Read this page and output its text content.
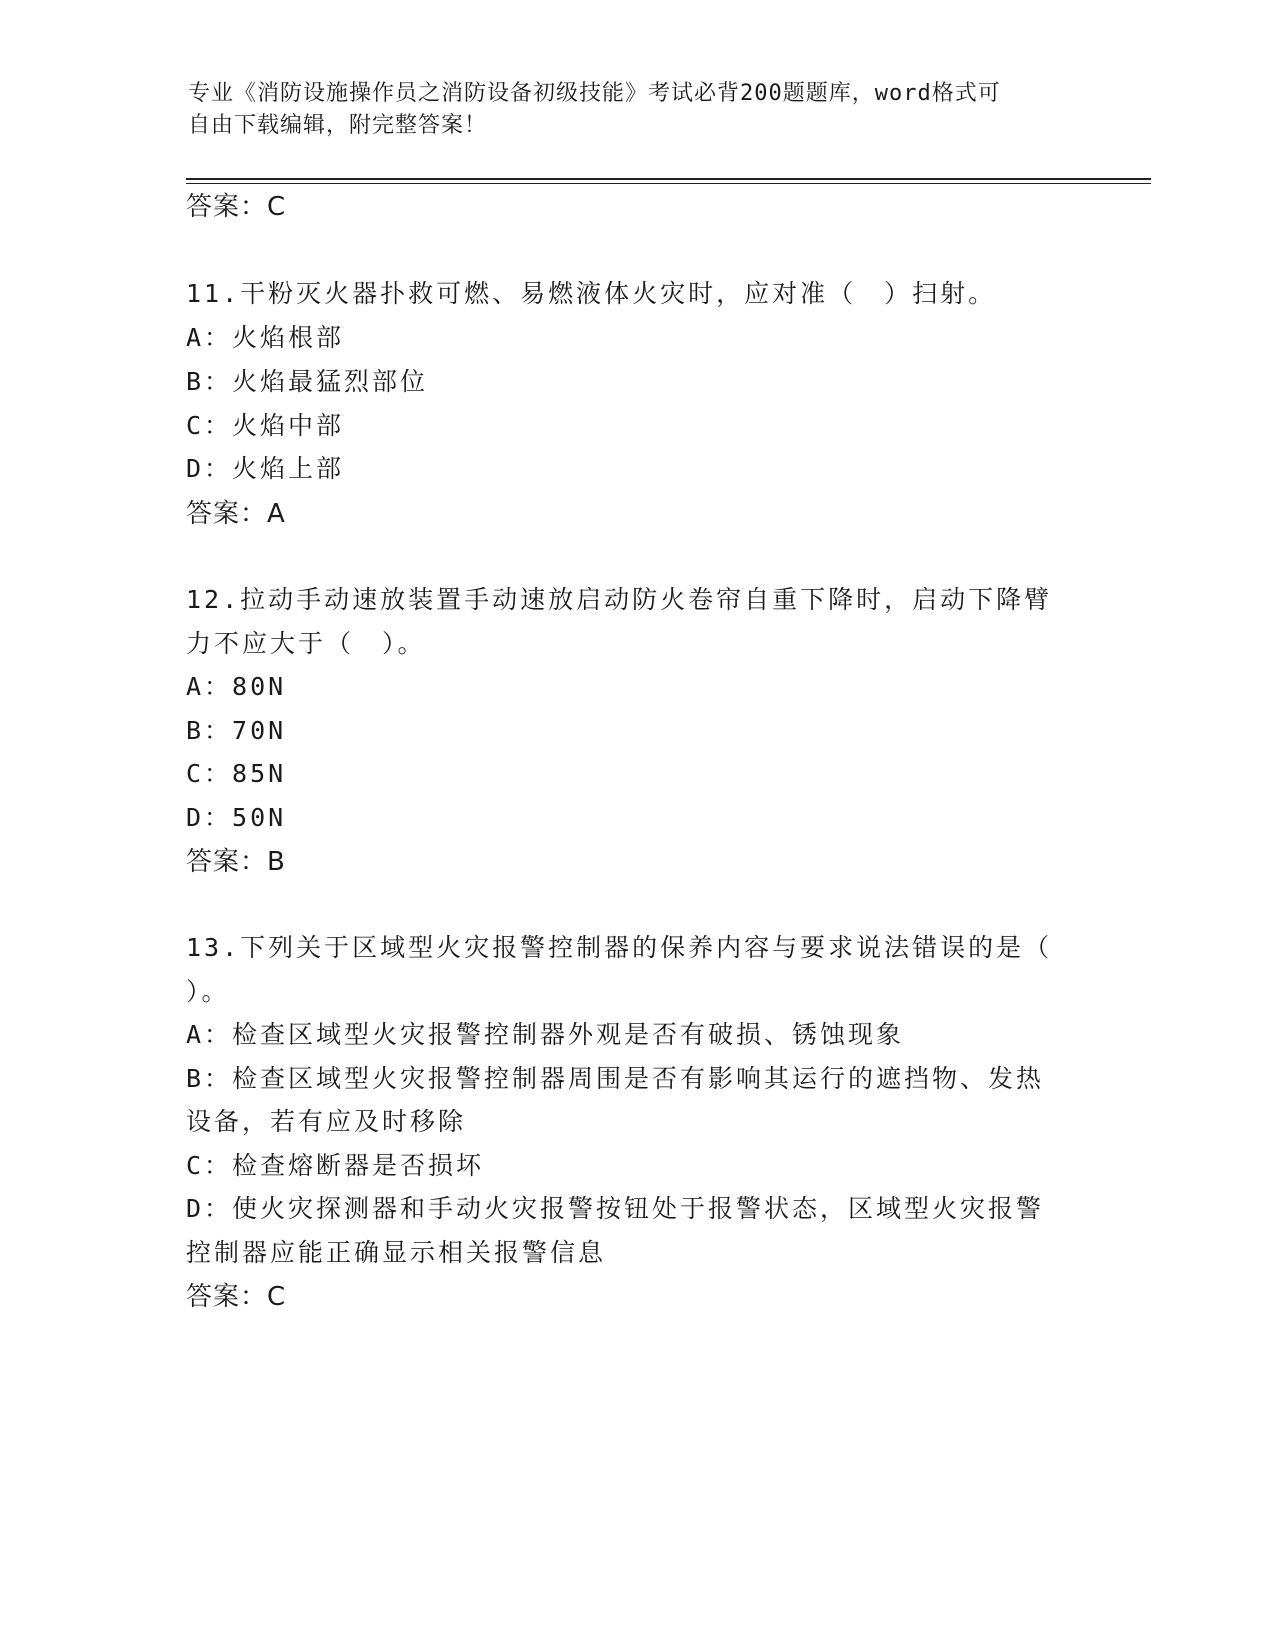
专业《消防设施操作员之消防设备初级技能》考试必背200题题库，word格式可
自由下载编辑，附完整答案！
答案：C
11.干粉灭火器扑救可燃、易燃液体火灾时，应对准（　）扫射。
A：火焰根部
B：火焰最猛烈部位
C：火焰中部
D：火焰上部
答案：A
12.拉动手动速放装置手动速放启动防火卷帘自重下降时，启动下降臂
力不应大于（　）。
A：80N
B：70N
C：85N
D：50N
答案：B
13.下列关于区域型火灾报警控制器的保养内容与要求说法错误的是（
）。
A：检查区域型火灾报警控制器外观是否有破损、锈蚀现象
B：检查区域型火灾报警控制器周围是否有影响其运行的遮挡物、发热
设备，若有应及时移除
C：检查熔断器是否损坏
D：使火灾探测器和手动火灾报警按钮处于报警状态，区域型火灾报警
控制器应能正确显示相关报警信息
答案：C
